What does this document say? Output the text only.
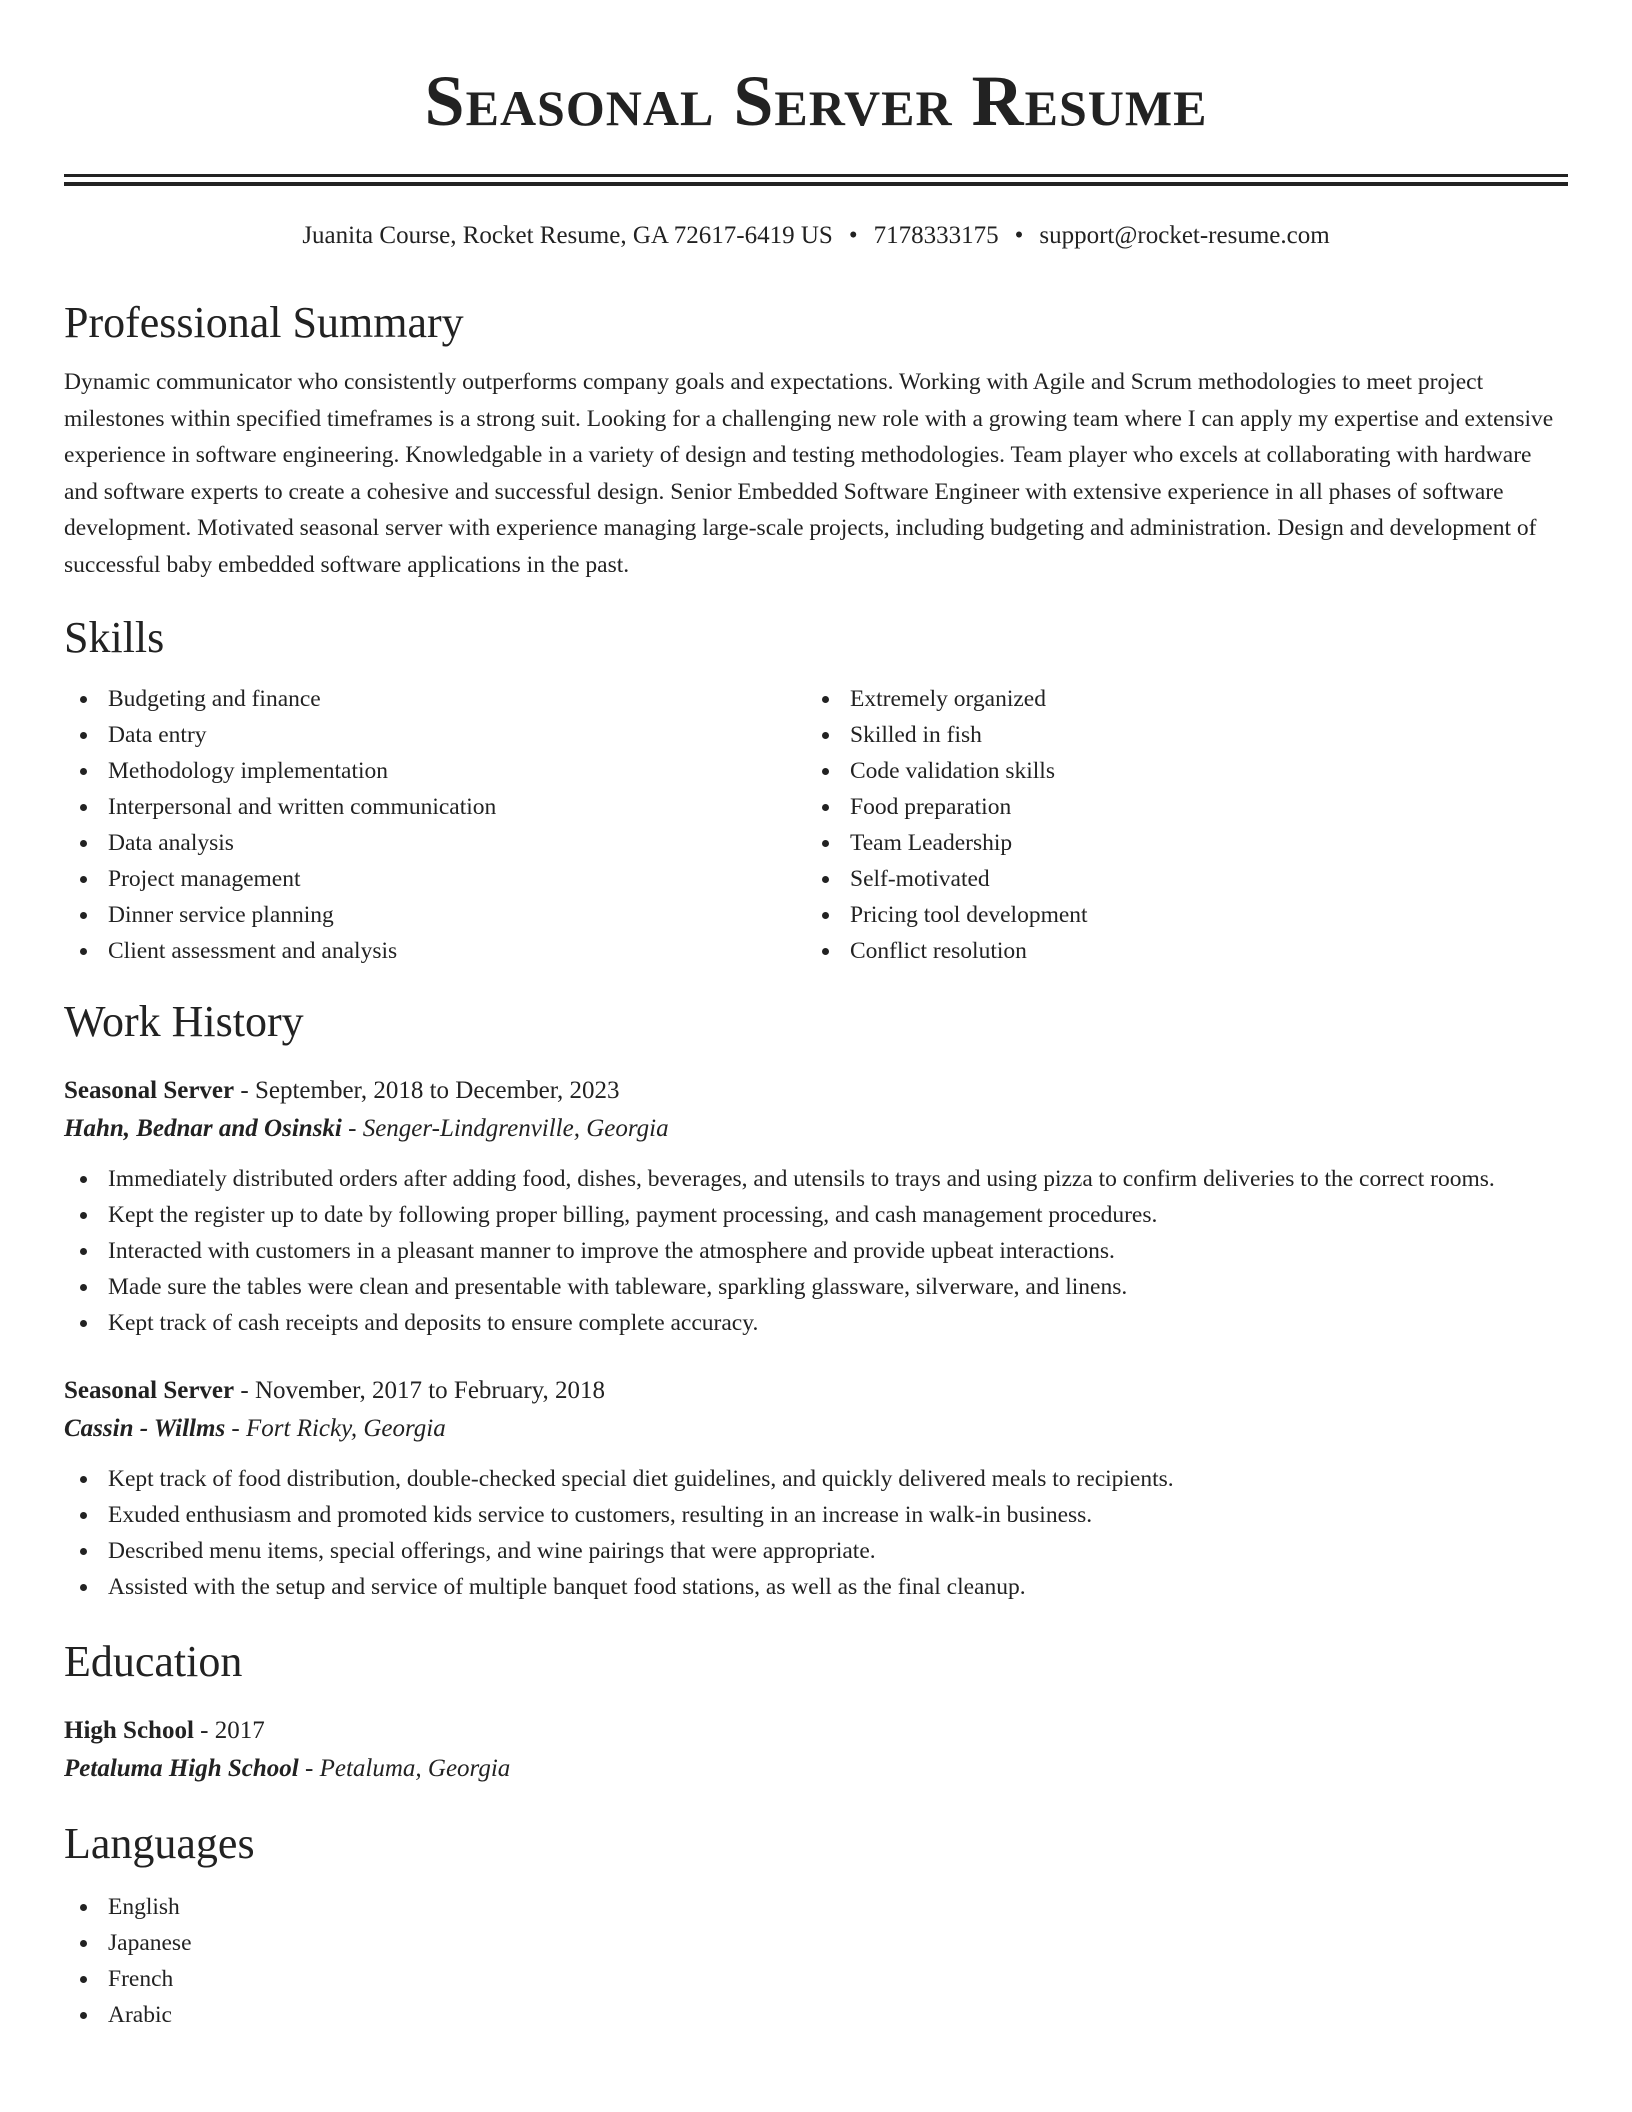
Seasonal Server Resume
Juanita Course, Rocket Resume, GA 72617-6419 US • 7178333175 • support@rocket-resume.com
Professional Summary

Dynamic communicator who consistently outperforms company goals and expectations. Working with Agile and Scrum methodologies to meet project milestones within specified timeframes is a strong suit. Looking for a challenging new role with a growing team where I can apply my expertise and extensive experience in software engineering. Knowledgable in a variety of design and testing methodologies. Team player who excels at collaborating with hardware and software experts to create a cohesive and successful design. Senior Embedded Software Engineer with extensive experience in all phases of software development. Motivated seasonal server with experience managing large-scale projects, including budgeting and administration. Design and development of successful baby embedded software applications in the past.

Skills
Budgeting and finance
Data entry
Methodology implementation
Interpersonal and written communication
Data analysis
Project management
Dinner service planning
Client assessment and analysis
Extremely organized
Skilled in fish
Code validation skills
Food preparation
Team Leadership
Self-motivated
Pricing tool development
Conflict resolution
Work History
Seasonal Server - September, 2018 to December, 2023
Hahn, Bednar and Osinski - Senger-Lindgrenville, Georgia
Immediately distributed orders after adding food, dishes, beverages, and utensils to trays and using pizza to confirm deliveries to the correct rooms.
Kept the register up to date by following proper billing, payment processing, and cash management procedures.
Interacted with customers in a pleasant manner to improve the atmosphere and provide upbeat interactions.
Made sure the tables were clean and presentable with tableware, sparkling glassware, silverware, and linens.
Kept track of cash receipts and deposits to ensure complete accuracy.
Seasonal Server - November, 2017 to February, 2018
Cassin - Willms - Fort Ricky, Georgia
Kept track of food distribution, double-checked special diet guidelines, and quickly delivered meals to recipients.
Exuded enthusiasm and promoted kids service to customers, resulting in an increase in walk-in business.
Described menu items, special offerings, and wine pairings that were appropriate.
Assisted with the setup and service of multiple banquet food stations, as well as the final cleanup.
Education
High School - 2017
Petaluma High School - Petaluma, Georgia
Languages
English
Japanese
French
Arabic
